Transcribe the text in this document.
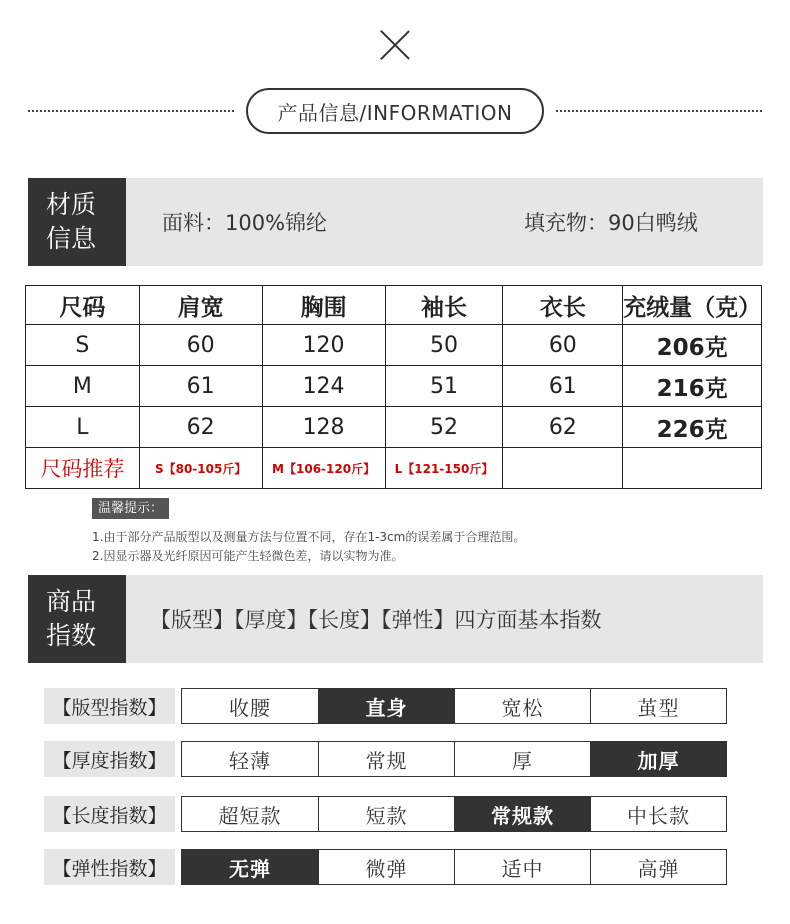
产品信息/INFORMATION
材质
信息
面料：100%锦纶	填充物：90白鸭绒
尺码	肩宽	胸围	袖长	衣长	充绒量（克）
S	60	120	50	60	206克
M	61	124	51	61	216克
L	62	128	52	62	226克
尺码推荐	S【80-105斤】	M【106-120斤】	L【121-150斤】		
温馨提示：
1.由于部分产品版型以及测量方法与位置不同，存在1-3cm的误差属于合理范围。
2.因显示器及光纤原因可能产生轻微色差，请以实物为准。
商品
指数
【版型】【厚度】【长度】【弹性】四方面基本指数
【版型指数】	收腰	直身	宽松	茧型
【厚度指数】	轻薄	常规	厚	加厚
【长度指数】	超短款	短款	常规款	中长款
【弹性指数】	无弹	微弹	适中	高弹
